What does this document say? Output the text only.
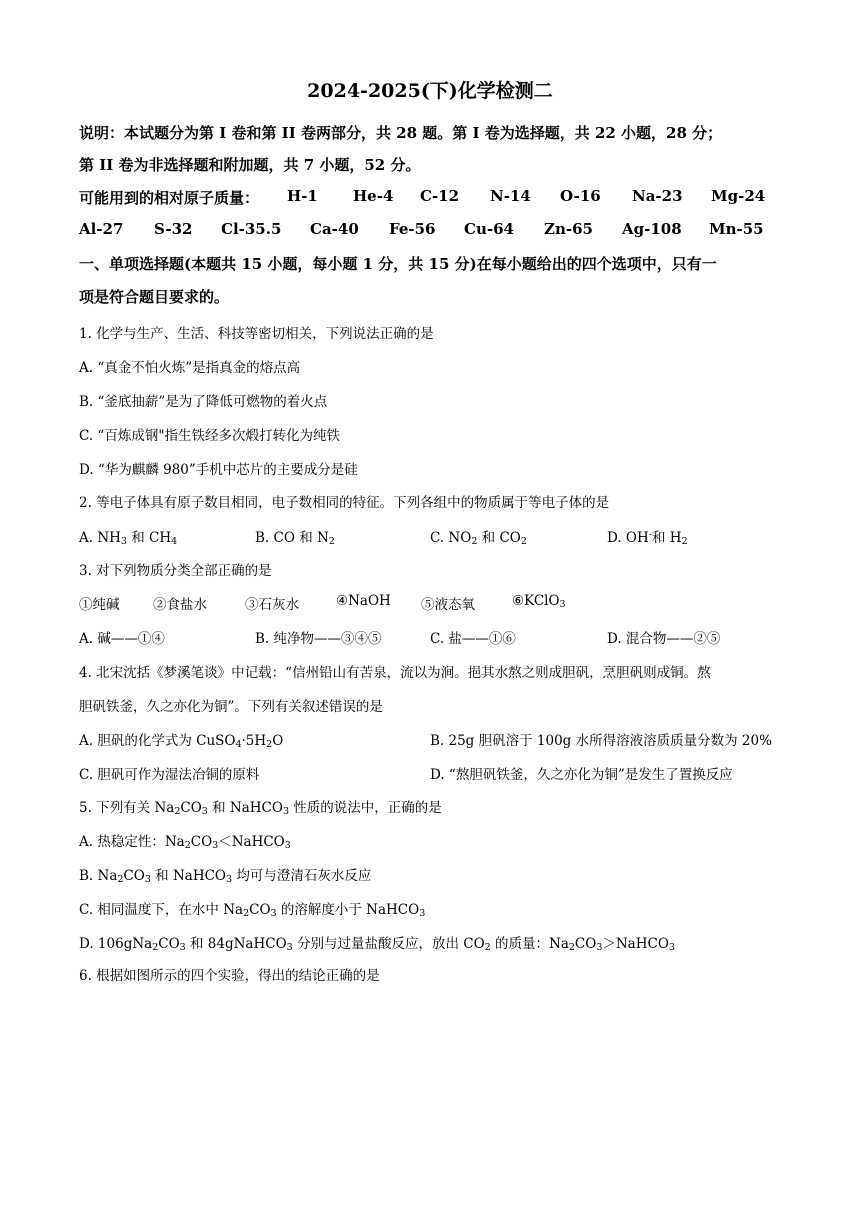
2024-2025(下)化学检测二
说明：本试题分为第 I 卷和第 II 卷两部分，共 28 题。第 I 卷为选择题，共 22 小题，28 分；
第 II 卷为非选择题和附加题，共 7 小题，52 分。
可能用到的相对原子质量： H-1 He-4 C-12 N-14 O-16 Na-23 Mg-24
Al-27 S-32 Cl-35.5 Ca-40 Fe-56 Cu-64 Zn-65 Ag-108 Mn-55
一、单项选择题(本题共 15 小题，每小题 1 分，共 15 分)在每小题给出的四个选项中，只有一
项是符合题目要求的。
1. 化学与生产、生活、科技等密切相关，下列说法正确的是
A. “真金不怕火炼”是指真金的熔点高
B. “釜底抽薪”是为了降低可燃物的着火点
C. “百炼成钢"指生铁经多次煅打转化为纯铁
D. “华为麒麟 980”手机中芯片的主要成分是硅
2. 等电子体具有原子数目相同，电子数相同的特征。下列各组中的物质属于等电子体的是
A. $NH_3$ 和 $CH_4$	B. CO 和 $N_2$	C. $NO_2$ 和 $CO_2$	D. OH-和 $H_2$
3. 对下列物质分类全部正确的是
①纯碱 ②食盐水	③石灰水	④NaOH ⑤液态氧	⑥KClO$_3$
A. 碱——①④	B. 纯净物——③④⑤	C. 盐——①⑥	D. 混合物——②⑤
4. 北宋沈括《梦溪笔谈》中记载：“信州铅山有苦泉，流以为涧。挹其水熬之则成胆矾，烹胆矾则成铜。熬
胆矾铁釜，久之亦化为铜”。下列有关叙述错误的是
A. 胆矾的化学式为 $CuSO_4\cdot 5H_2O$	B. 25g 胆矾溶于 100g 水所得溶液溶质质量分数为 20%
C. 胆矾可作为湿法冶铜的原料	D. “熬胆矾铁釜，久之亦化为铜”是发生了置换反应
5. 下列有关 $Na_2CO_3$ 和 NaHCO$_3$ 性质的说法中，正确的是
A. 热稳定性：$Na_2CO_3<NaHCO_3$
B. $Na_2CO_3$ 和 NaHCO$_3$ 均可与澄清石灰水反应
C. 相同温度下，在水中 $Na_2CO_3$ 的溶解度小于 NaHCO$_3$
D. $106gNa_2CO_3$ 和 84gNaHCO$_3$ 分别与过量盐酸反应，放出 $CO_2$ 的质量：$Na_2CO_3>NaHCO_3$
6. 根据如图所示的四个实验，得出的结论正确的是
